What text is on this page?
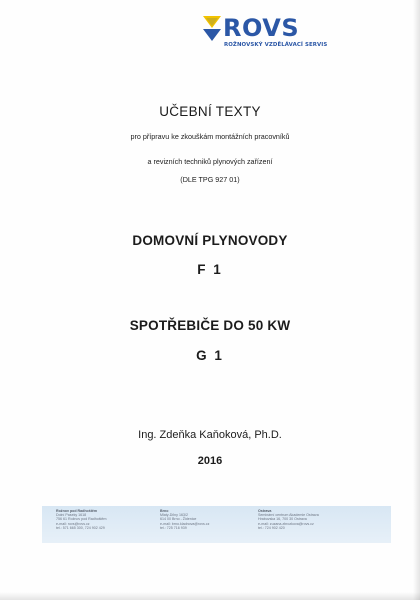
ROVS
ROŽNOVSKÝ VZDĚLÁVACÍ SERVIS
UČEBNÍ TEXTY
pro přípravu ke zkouškám montážních pracovníků
a revizních techniků plynových zařízení
(DLE TPG 927 01)
DOMOVNÍ PLYNOVODY
F 1
SPOTŘEBIČE DO 50 KW
G 1
Ing. Zdeňka Kaňoková, Ph.D.
2016
Rožnov pod Radhoštěm
Dolní Paseky 1618
756 61 Rožnov pod Radhoštěm
e-mail: rovs@rovs.cz
tel.: 571 665 300, 724 902 429
Brno
Mlaty-Dílny 163/2
614 00 Brno - Židenice
e-mail: brno.kladnova@rovs.cz
tel.: 725 716 939
Ostrava
Seminární centrum Akademie Ostrava
Hrabuvska 16, 700 30 Ostrava
e-mail: zuzana.zbrozkova@rovs.cz
tel.: 724 902 420
